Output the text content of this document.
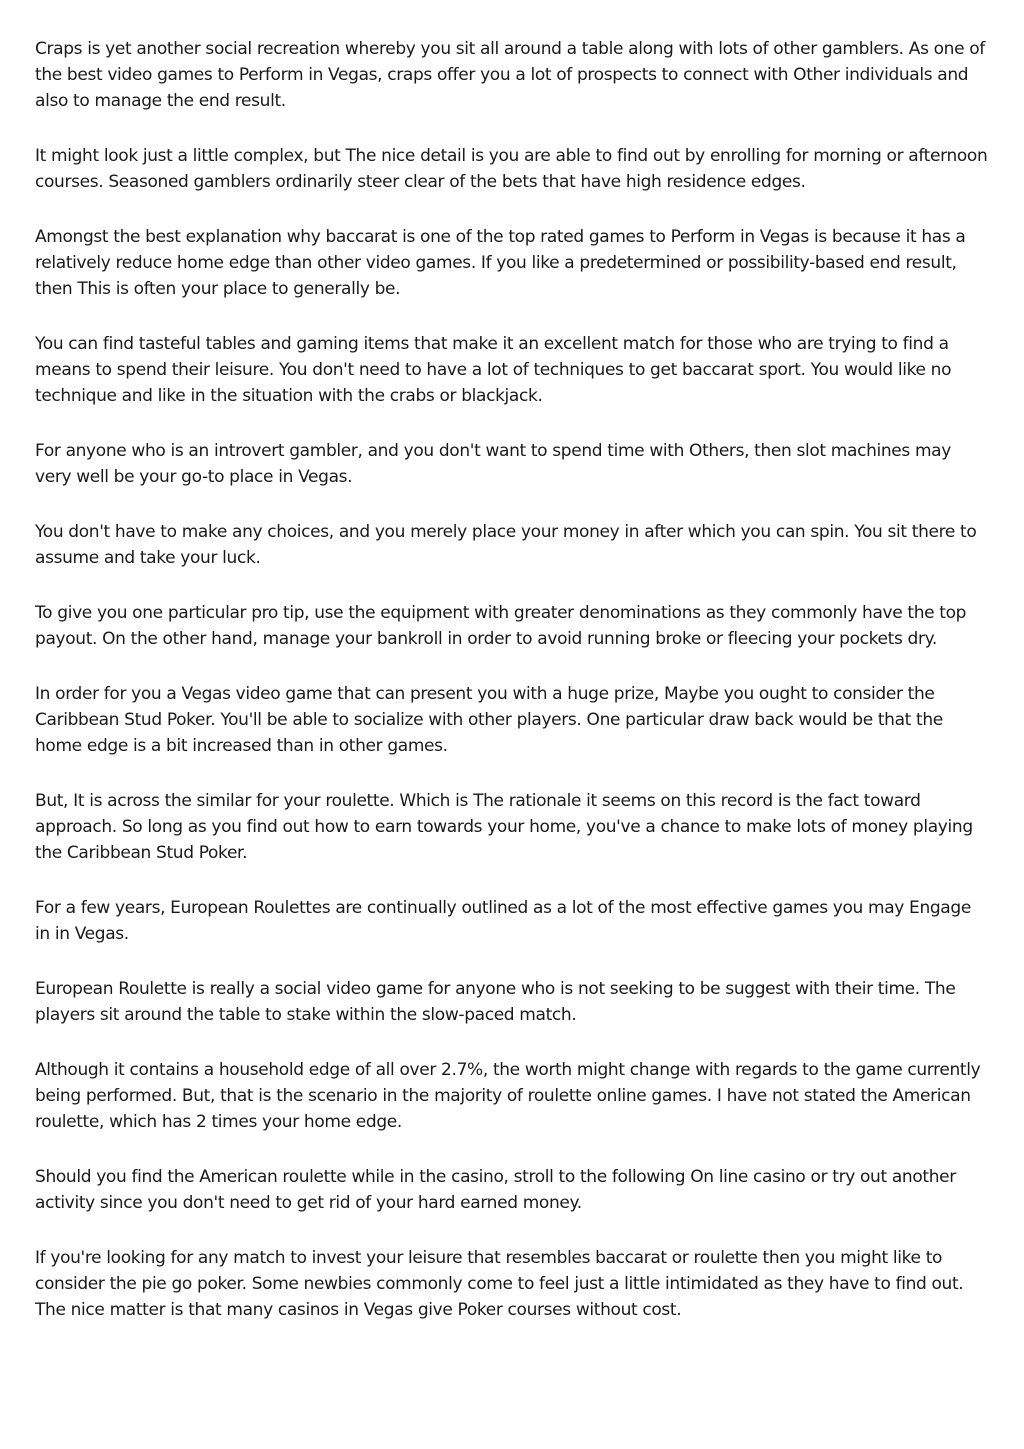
Craps is yet another social recreation whereby you sit all around a table along with lots of other gamblers. As one of the best video games to Perform in Vegas, craps offer you a lot of prospects to connect with Other individuals and also to manage the end result.

It might look just a little complex, but The nice detail is you are able to find out by enrolling for morning or afternoon courses. Seasoned gamblers ordinarily steer clear of the bets that have high residence edges.

Amongst the best explanation why baccarat is one of the top rated games to Perform in Vegas is because it has a relatively reduce home edge than other video games. If you like a predetermined or possibility-based end result, then This is often your place to generally be.

You can find tasteful tables and gaming items that make it an excellent match for those who are trying to find a means to spend their leisure. You don't need to have a lot of techniques to get baccarat sport. You would like no technique and like in the situation with the crabs or blackjack.

For anyone who is an introvert gambler, and you don't want to spend time with Others, then slot machines may very well be your go-to place in Vegas.

You don't have to make any choices, and you merely place your money in after which you can spin. You sit there to assume and take your luck.

To give you one particular pro tip, use the equipment with greater denominations as they commonly have the top payout. On the other hand, manage your bankroll in order to avoid running broke or fleecing your pockets dry.

In order for you a Vegas video game that can present you with a huge prize, Maybe you ought to consider the Caribbean Stud Poker. You'll be able to socialize with other players. One particular draw back would be that the home edge is a bit increased than in other games.

But, It is across the similar for your roulette. Which is The rationale it seems on this record is the fact toward approach. So long as you find out how to earn towards your home, you've a chance to make lots of money playing the Caribbean Stud Poker.

For a few years, European Roulettes are continually outlined as a lot of the most effective games you may Engage in in Vegas.

European Roulette is really a social video game for anyone who is not seeking to be suggest with their time. The players sit around the table to stake within the slow-paced match.

Although it contains a household edge of all over 2.7%, the worth might change with regards to the game currently being performed. But, that is the scenario in the majority of roulette online games. I have not stated the American roulette, which has 2 times your home edge.

Should you find the American roulette while in the casino, stroll to the following On line casino or try out another activity since you don't need to get rid of your hard earned money.

If you're looking for any match to invest your leisure that resembles baccarat or roulette then you might like to consider the pie go poker. Some newbies commonly come to feel just a little intimidated as they have to find out. The nice matter is that many casinos in Vegas give Poker courses without cost.
